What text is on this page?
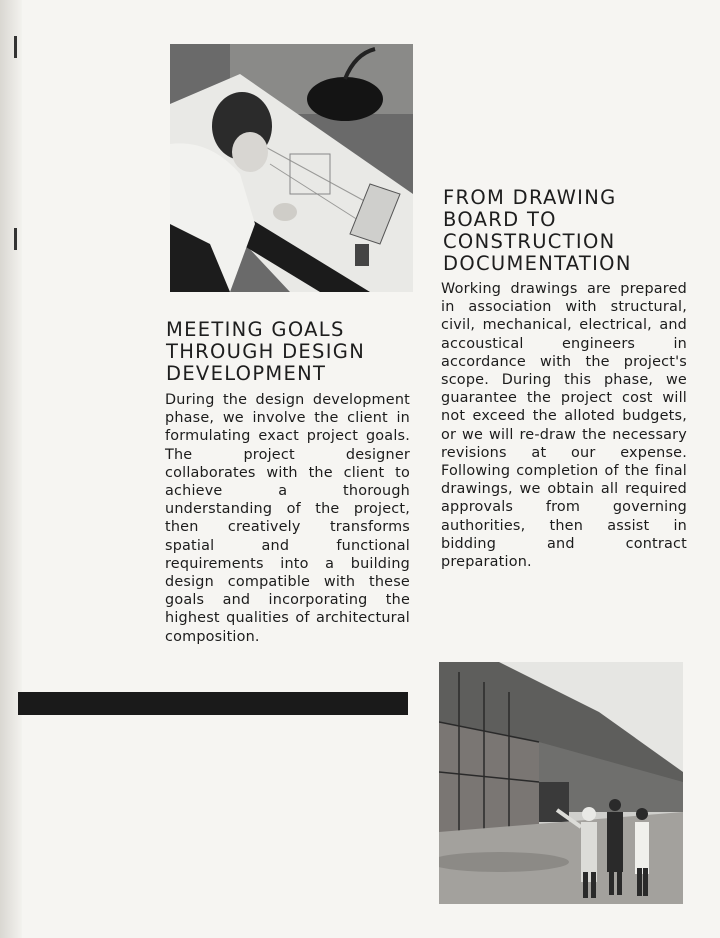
FROM DRAWING BOARD TO CONSTRUCTION DOCUMENTATION

Working drawings are prepared in association with structural, civil, mechanical, electrical, and accoustical engineers in accordance with the project's scope. During this phase, we guarantee the project cost will not exceed the alloted budgets, or we will re-draw the necessary revisions at our expense. Following completion of the final drawings, we obtain all required approvals from governing authorities, then assist in bidding and contract preparation.

MEETING GOALS THROUGH DESIGN DEVELOPMENT

During the design development phase, we involve the client in formulating exact project goals. The project designer collaborates with the client to achieve a thorough understanding of the project, then creatively transforms spatial and functional requirements into a building design compatible with these goals and incorporating the highest qualities of architectural composition.
